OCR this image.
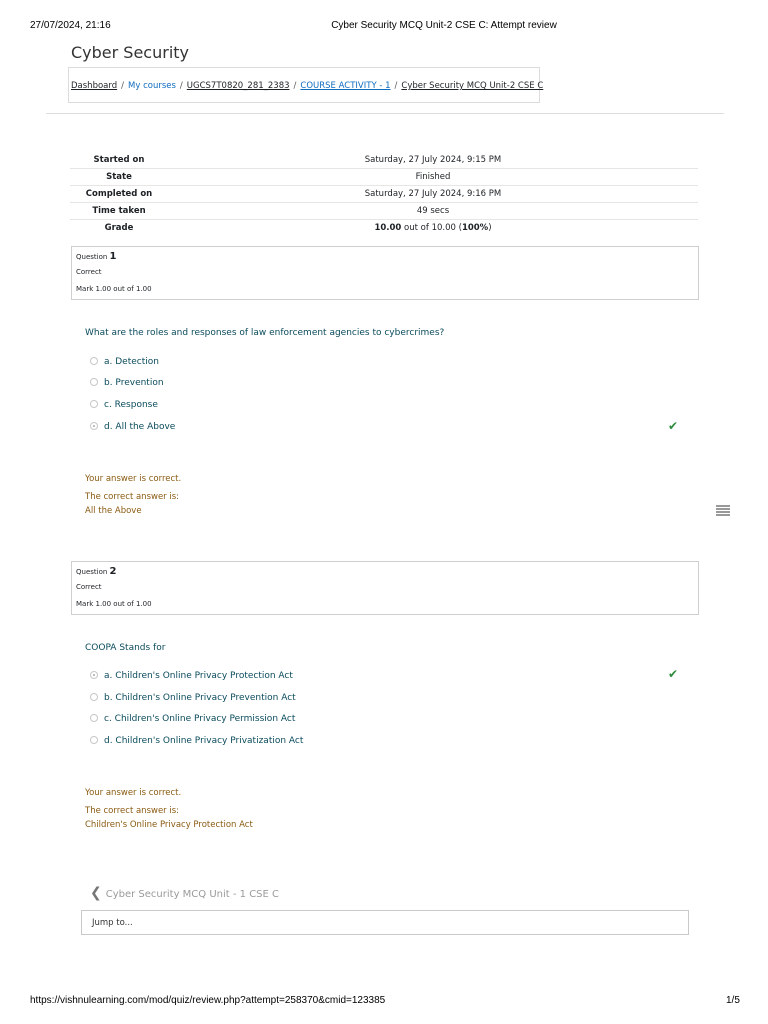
27/07/2024, 21:16	Cyber Security MCQ Unit-2 CSE C: Attempt review
Cyber Security
Dashboard / My courses / UGCS7T0820_281_2383 / COURSE ACTIVITY - 1 / Cyber Security MCQ Unit-2 CSE C
Started on	Saturday, 27 July 2024, 9:15 PM
State	Finished
Completed on	Saturday, 27 July 2024, 9:16 PM
Time taken	49 secs
Grade	10.00 out of 10.00 (100%)
Question 1
Correct
Mark 1.00 out of 1.00
What are the roles and responses of law enforcement agencies to cybercrimes?
a. Detection
b. Prevention
c. Response
d. All the Above	✔
Your answer is correct.
The correct answer is:
All the Above
Question 2
Correct
Mark 1.00 out of 1.00
COOPA Stands for
a. Children's Online Privacy Protection Act
b. Children's Online Privacy Prevention Act
c. Children's Online Privacy Permission Act
d. Children's Online Privacy Privatization Act
✔
Your answer is correct.
The correct answer is:
Children's Online Privacy Protection Act
❮ Cyber Security MCQ Unit - 1 CSE C
Jump to...
https://vishnulearning.com/mod/quiz/review.php?attempt=258370&cmid=123385	1/5
